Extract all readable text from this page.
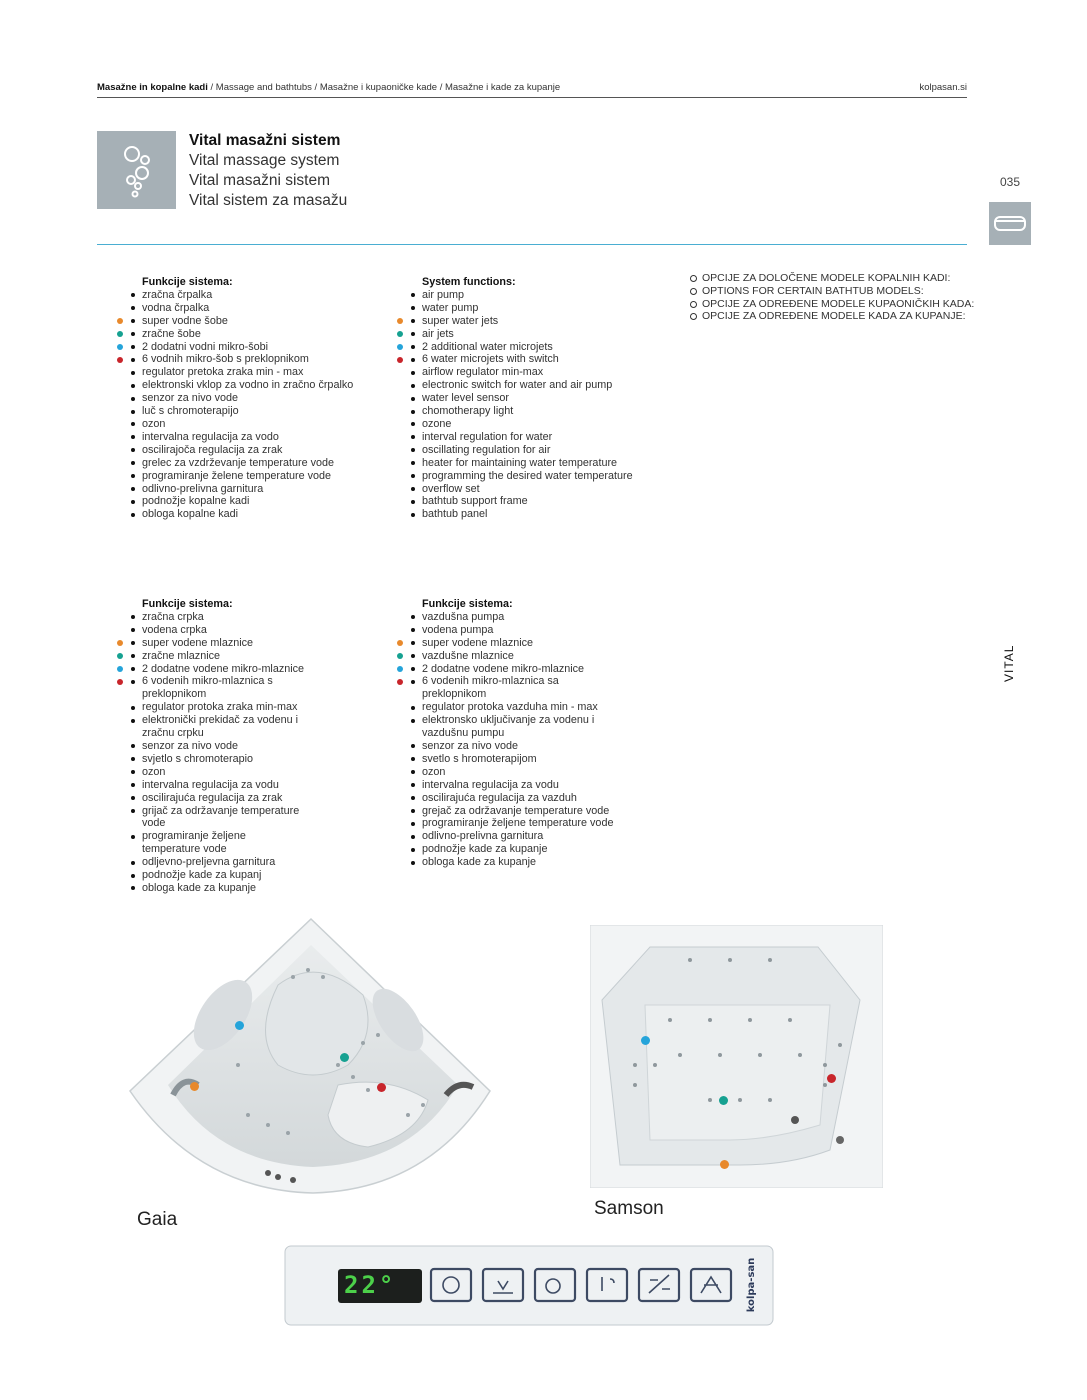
Masažne in kopalne kadi / Massage and bathtubs / Masažne i kupaoničke kade / Masažne i kade za kupanje	kolpasan.si
Vital masažni sistem
Vital massage system
Vital masažni sistem
Vital sistem za masažu
035
VITAL
Funkcije sistema:
zračna črpalka
vodna črpalka
super vodne šobe
zračne šobe
2 dodatni vodni mikro-šobi
6 vodnih mikro-šob s preklopnikom
regulator pretoka zraka min - max
elektronski vklop za vodno in zračno črpalko
senzor za nivo vode
luč s chromoterapijo
ozon
intervalna regulacija za vodo
oscilirajoča regulacija za zrak
grelec za vzdrževanje temperature vode
programiranje želene temperature vode
odlivno-prelivna garnitura
podnožje kopalne kadi
obloga kopalne kadi
System functions:
air pump
water pump
super water jets
air jets
2 additional water microjets
6 water microjets with switch
airflow regulator min-max
electronic switch for water and air pump
water level sensor
chomotherapy light
ozone
interval regulation for water
oscillating regulation for air
heater for maintaining water temperature
programming the desired water temperature
overflow set
bathtub support frame
bathtub panel
Funkcije sistema:
zračna crpka
vodena crpka
super vodene mlaznice
zračne mlaznice
2 dodatne vodene mikro-mlaznice
6 vodenih mikro-mlaznica s preklopnikom
regulator protoka zraka min-max
elektronički prekidač za vodenu i zračnu crpku
senzor za nivo vode
svjetlo s chromoterapio
ozon
intervalna regulacija za vodu
oscilirajuća regulacija za zrak
grijač za održavanje temperature vode
programiranje željene temperature vode
odljevno-preljevna garnitura
podnožje kade za kupanj
obloga kade za kupanje
Funkcije sistema:
vazdušna pumpa
vodena pumpa
super vodene mlaznice
vazdušne mlaznice
2 dodatne vodene mikro-mlaznice
6 vodenih mikro-mlaznica sa preklopnikom
regulator protoka vazduha min - max
elektronsko uključivanje za vodenu i vazdušnu pumpu
senzor za nivo vode
svetlo s hromoterapijom
ozon
intervalna regulacija za vodu
oscilirajuća regulacija za vazduh
grejač za održavanje temperature vode
programiranje željene temperature vode
odlivno-prelivna garnitura
podnožje kade za kupanje
obloga kade za kupanje
OPCIJE ZA DOLOČENE MODELE KOPALNIH KADI:
OPTIONS FOR CERTAIN BATHTUB MODELS:
OPCIJE ZA ODREĐENE MODELE KUPAONIČKIH KADA:
OPCIJE ZA ODREĐENE MODELE KADA ZA KUPANJE:
Gaia
Samson
kolpa-san
22°
